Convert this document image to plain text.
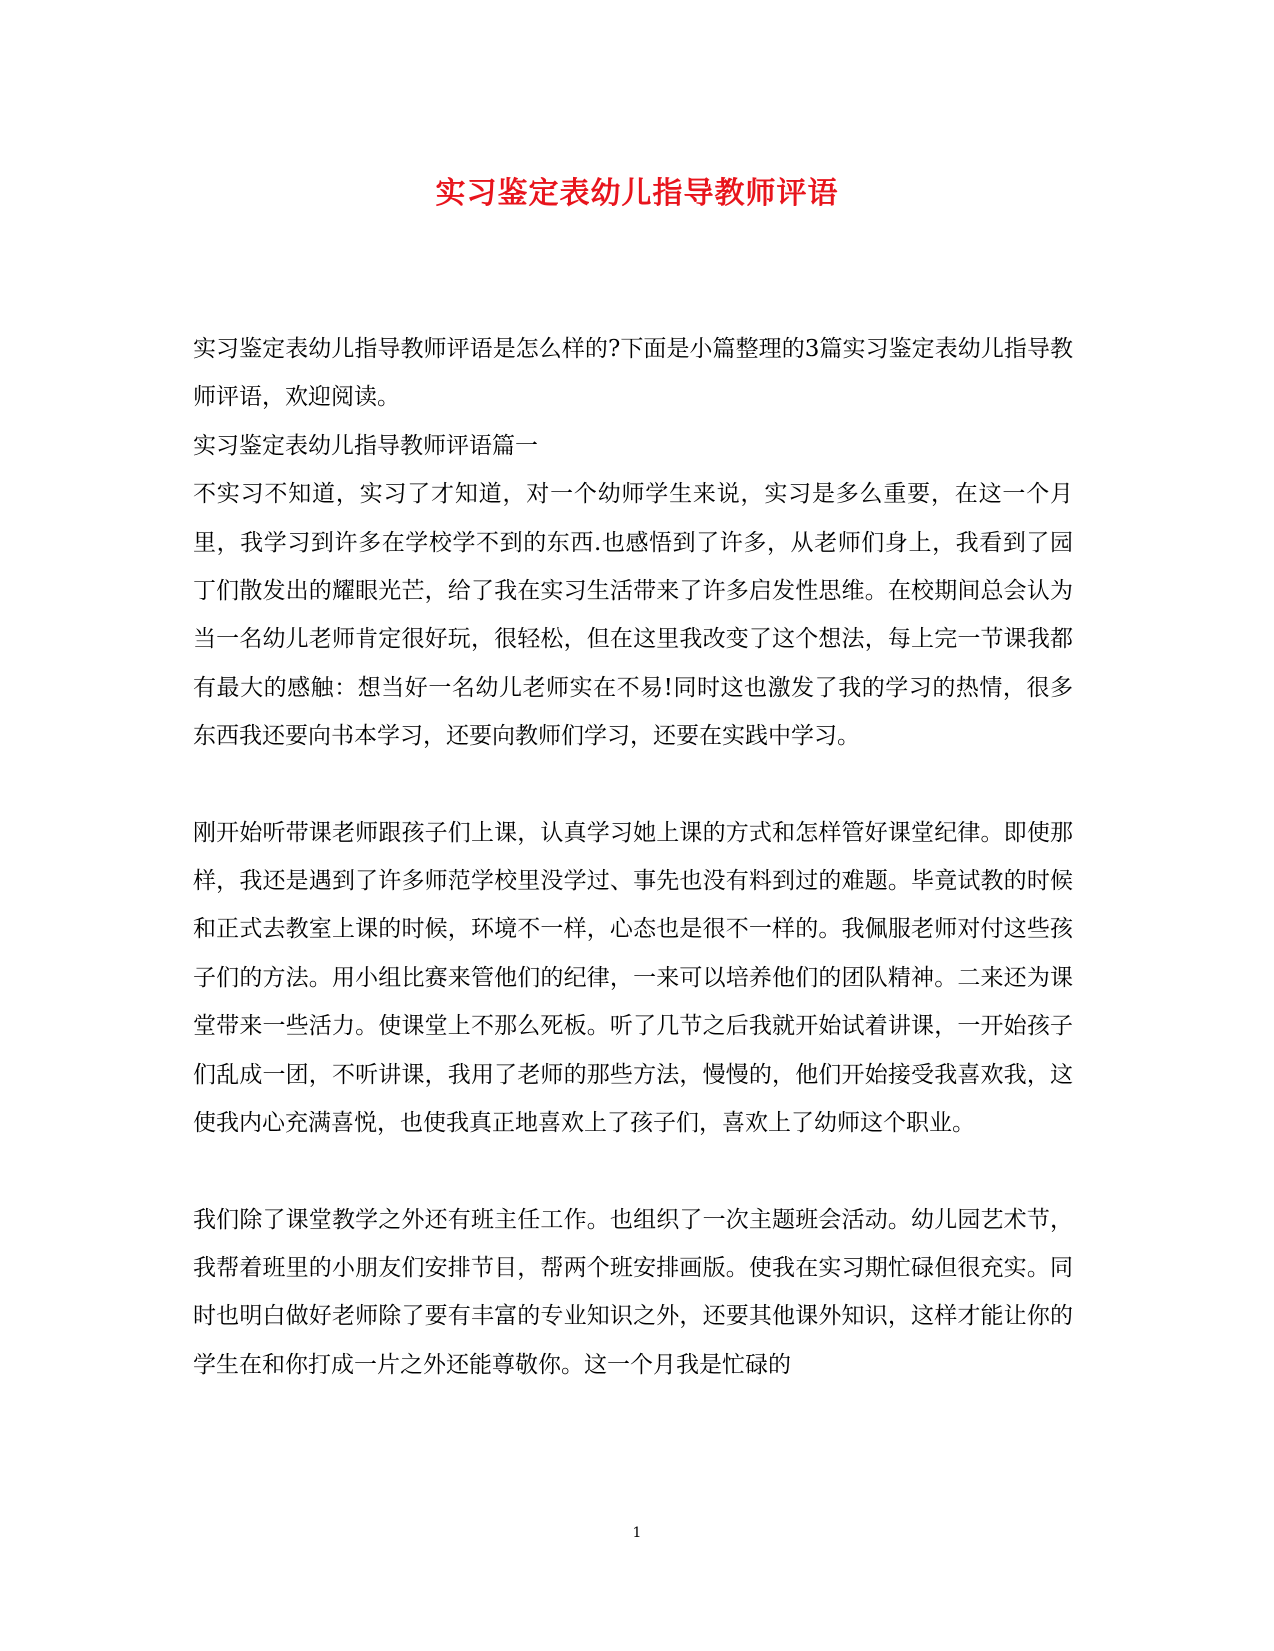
实习鉴定表幼儿指导教师评语

实习鉴定表幼儿指导教师评语是怎么样的?下面是小篇整理的3篇实习鉴定表幼儿指导教师评语，欢迎阅读。

实习鉴定表幼儿指导教师评语篇一

不实习不知道，实习了才知道，对一个幼师学生来说，实习是多么重要，在这一个月里，我学习到许多在学校学不到的东西.也感悟到了许多，从老师们身上，我看到了园丁们散发出的耀眼光芒，给了我在实习生活带来了许多启发性思维。在校期间总会认为当一名幼儿老师肯定很好玩，很轻松，但在这里我改变了这个想法，每上完一节课我都有最大的感触：想当好一名幼儿老师实在不易!同时这也激发了我的学习的热情，很多东西我还要向书本学习，还要向教师们学习，还要在实践中学习。

刚开始听带课老师跟孩子们上课，认真学习她上课的方式和怎样管好课堂纪律。即使那样，我还是遇到了许多师范学校里没学过、事先也没有料到过的难题。毕竟试教的时候和正式去教室上课的时候，环境不一样，心态也是很不一样的。我佩服老师对付这些孩子们的方法。用小组比赛来管他们的纪律，一来可以培养他们的团队精神。二来还为课堂带来一些活力。使课堂上不那么死板。听了几节之后我就开始试着讲课，一开始孩子们乱成一团，不听讲课，我用了老师的那些方法，慢慢的，他们开始接受我喜欢我，这使我内心充满喜悦，也使我真正地喜欢上了孩子们，喜欢上了幼师这个职业。

我们除了课堂教学之外还有班主任工作。也组织了一次主题班会活动。幼儿园艺术节，我帮着班里的小朋友们安排节目，帮两个班安排画版。使我在实习期忙碌但很充实。同时也明白做好老师除了要有丰富的专业知识之外，还要其他课外知识，这样才能让你的学生在和你打成一片之外还能尊敬你。这一个月我是忙碌的

1
